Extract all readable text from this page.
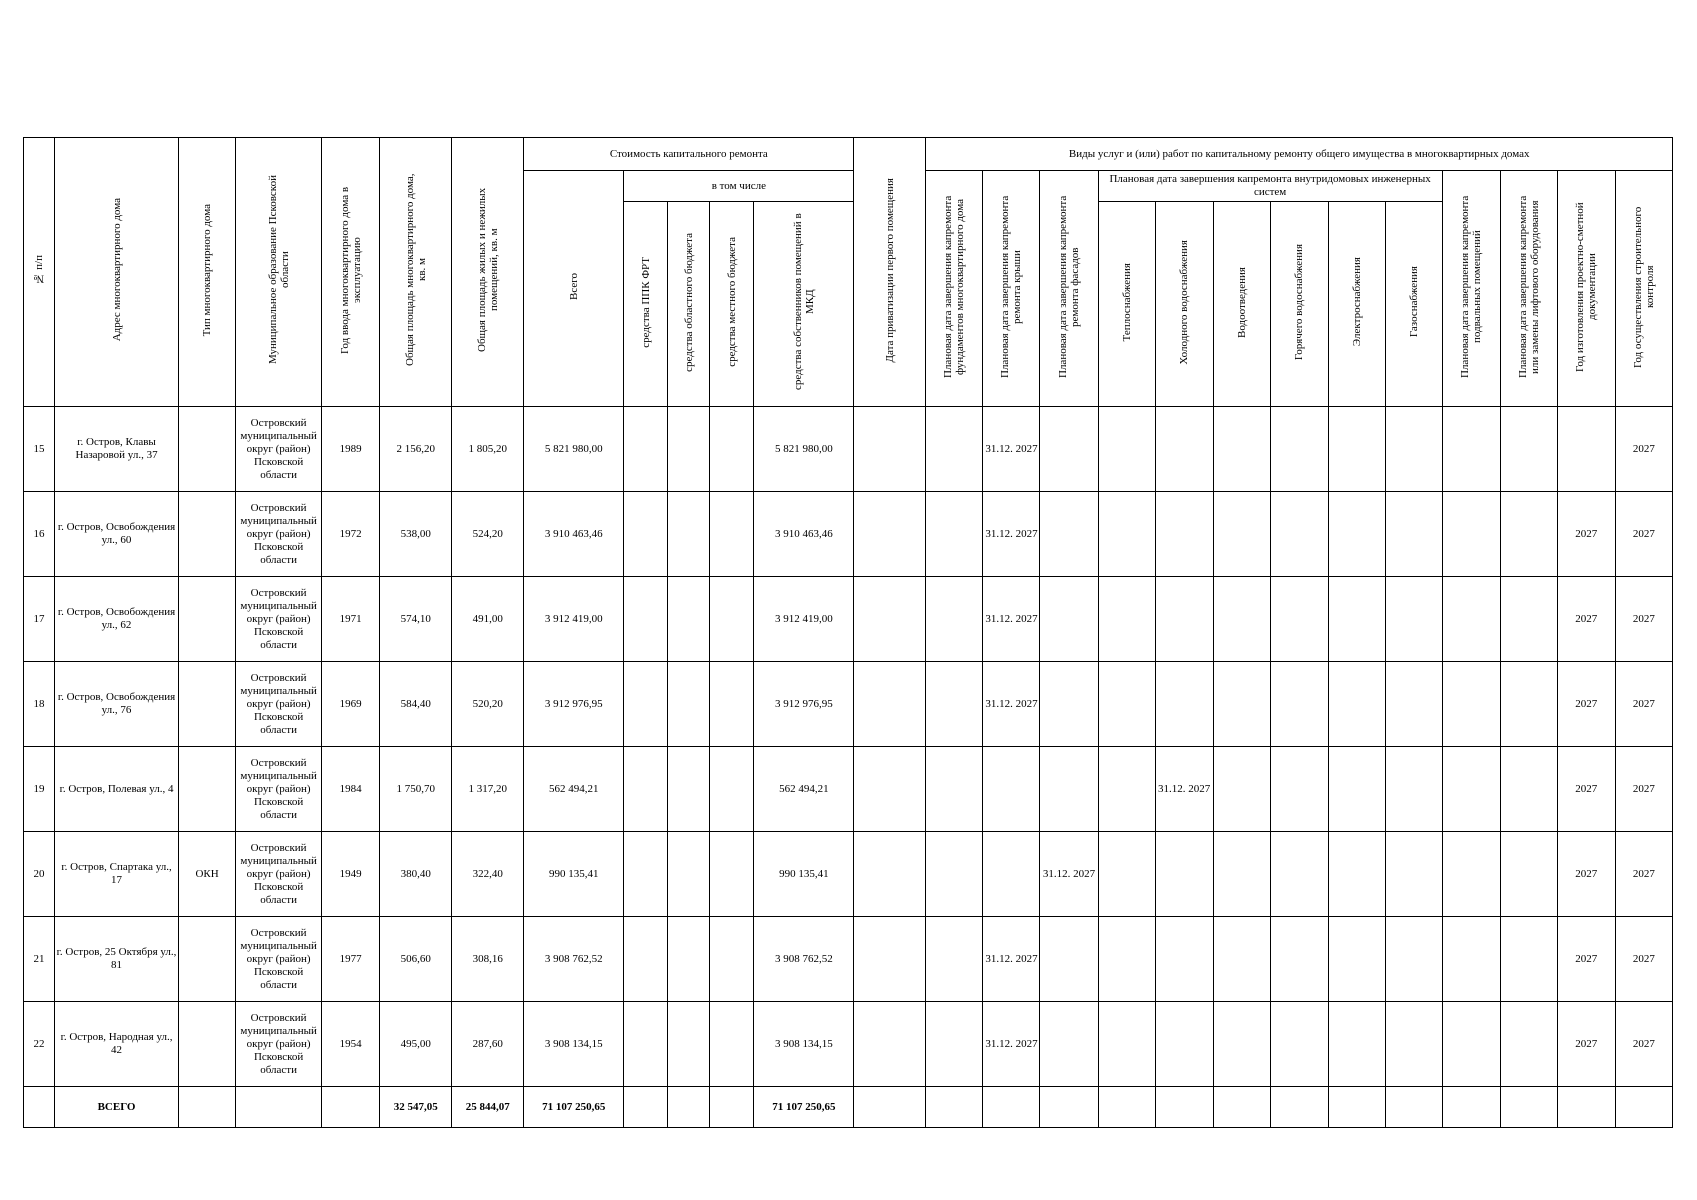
№ п/п	Адрес многоквартирного дома	Тип многоквартирного дома	Муниципальное образование Псковской области	Год ввода многоквартирного дома в эксплуатацию	Общая площадь многоквартирного дома, кв. м	Общая площадь жилых и нежилых помещений, кв. м	Стоимость капитального ремонта					Дата приватизации первого помещения	Виды услуг и (или) работ по капитальному ремонту общего имущества в многоквартирных домах												
							Всего	в том числе					Плановая дата завершения капремонта фундаментов многоквартирного дома	Плановая дата завершения капремонта ремонта крыши	Плановая дата завершения капремонта ремонта фасадов	Плановая дата завершения капремонта внутридомовых инженерных систем						Плановая дата завершения капремонта подвальных помещений	Плановая дата завершения капремонта или замены лифтового оборудования	Год изготовления проектно-сметной документации	Год осуществления строительного контроля
								средства ППК ФРТ	средства областного бюджета	средства местного бюджета	средства собственников помещений в МКД					Теплоснабжения	Холодного водоснабжения	Водоотведения	Горячего водоснабжения	Электроснабжения	Газоснабжения				
15	г. Остров, Клавы Назаровой ул., 37		Островский муниципальный округ (район) Псковской области	1989	2 156,20	1 805,20	5 821 980,00				5 821 980,00			31.12. 2027											2027
16	г. Остров, Освобождения ул., 60		Островский муниципальный округ (район) Псковской области	1972	538,00	524,20	3 910 463,46				3 910 463,46			31.12. 2027										2027	2027
17	г. Остров, Освобождения ул., 62		Островский муниципальный округ (район) Псковской области	1971	574,10	491,00	3 912 419,00				3 912 419,00			31.12. 2027										2027	2027
18	г. Остров, Освобождения ул., 76		Островский муниципальный округ (район) Псковской области	1969	584,40	520,20	3 912 976,95				3 912 976,95			31.12. 2027										2027	2027
19	г. Остров, Полевая ул., 4		Островский муниципальный округ (район) Псковской области	1984	1 750,70	1 317,20	562 494,21				562 494,21						31.12. 2027							2027	2027
20	г. Остров, Спартака ул., 17	ОКН	Островский муниципальный округ (район) Псковской области	1949	380,40	322,40	990 135,41				990 135,41				31.12. 2027									2027	2027
21	г. Остров, 25 Октября ул., 81		Островский муниципальный округ (район) Псковской области	1977	506,60	308,16	3 908 762,52				3 908 762,52			31.12. 2027										2027	2027
22	г. Остров, Народная ул., 42		Островский муниципальный округ (район) Псковской области	1954	495,00	287,60	3 908 134,15				3 908 134,15			31.12. 2027										2027	2027
	ВСЕГО				32 547,05	25 844,07	71 107 250,65				71 107 250,65														
